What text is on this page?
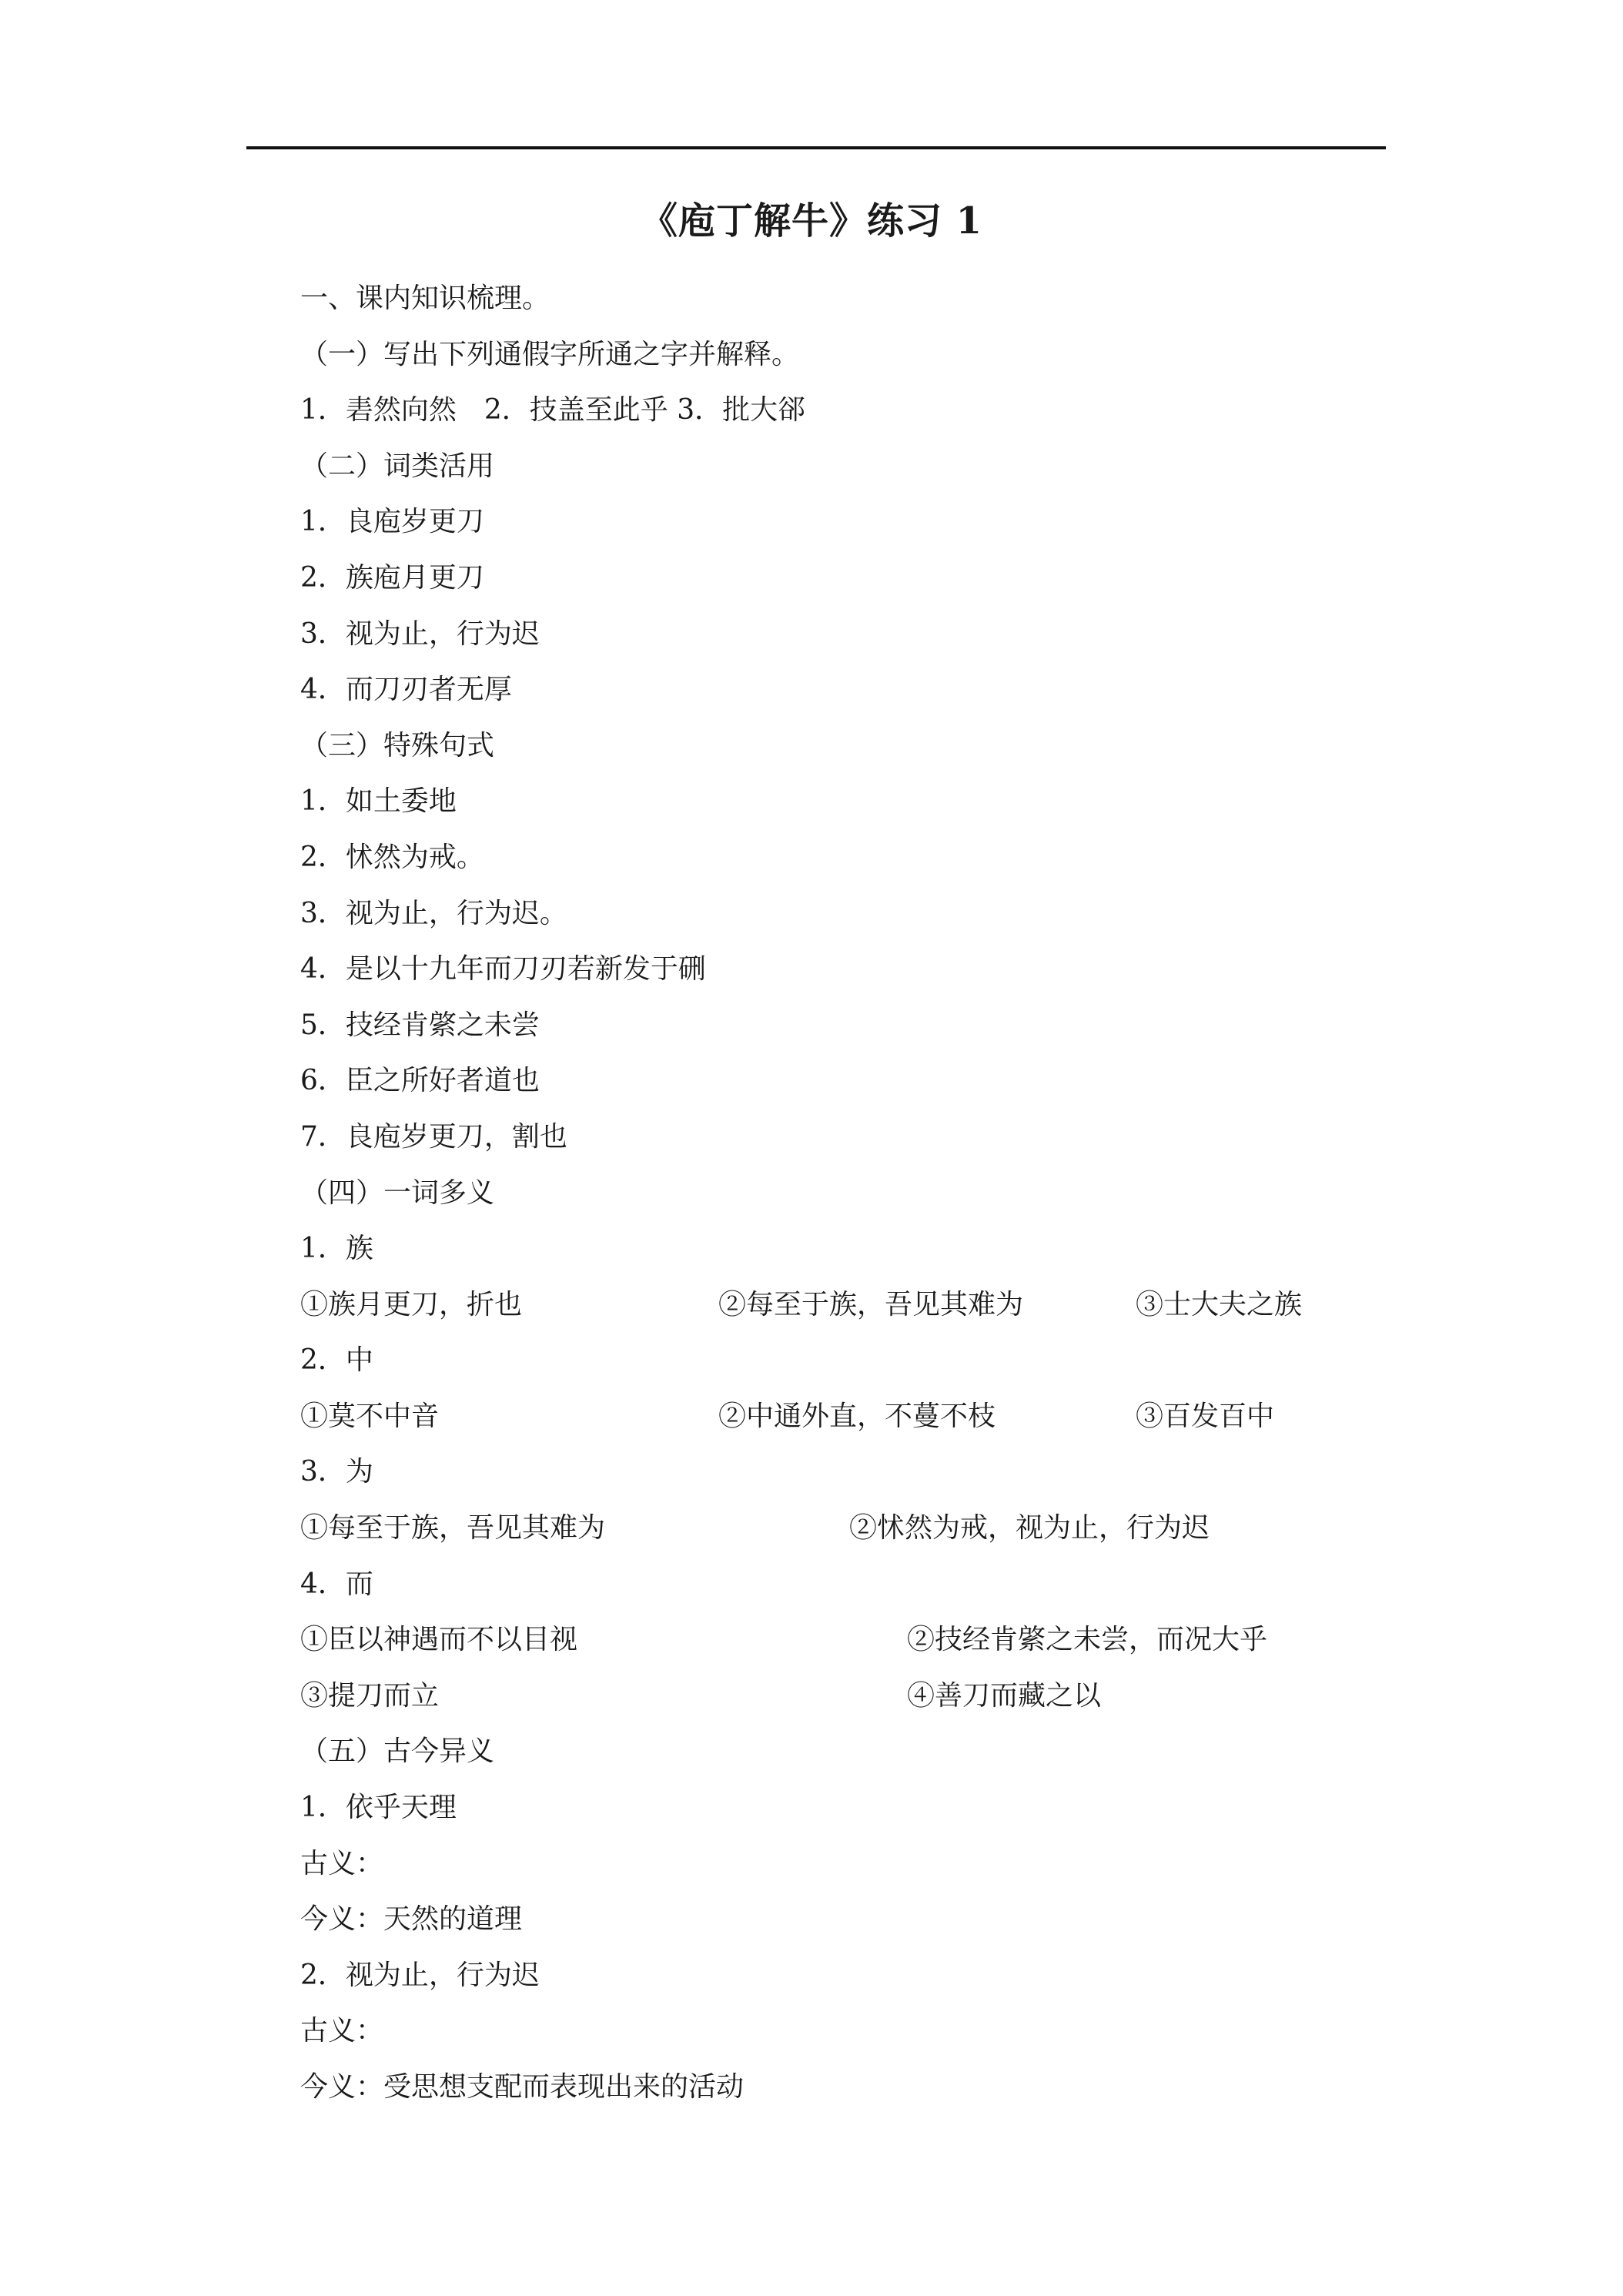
《庖丁解牛》练习 1
一、课内知识梳理。
（一）写出下列通假字所通之字并解释。
1．砉然向然　2．技盖至此乎 3．批大郤
（二）词类活用
1．良庖岁更刀
2．族庖月更刀
3．视为止，行为迟
4．而刀刃者无厚
（三）特殊句式
1．如土委地
2．怵然为戒。
3．视为止，行为迟。
4．是以十九年而刀刃若新发于硎
5．技经肯綮之未尝
6．臣之所好者道也
7．良庖岁更刀，割也
（四）一词多义
1．族
①族月更刀，折也	②每至于族，吾见其难为	③士大夫之族
2．中
①莫不中音	②中通外直，不蔓不枝	③百发百中
3．为
①每至于族，吾见其难为	②怵然为戒，视为止，行为迟
4．而
①臣以神遇而不以目视	②技经肯綮之未尝，而况大乎
③提刀而立	④善刀而藏之以
（五）古今异义
1．依乎天理
古义：
今义：天然的道理
2．视为止，行为迟
古义：
今义：受思想支配而表现出来的活动
